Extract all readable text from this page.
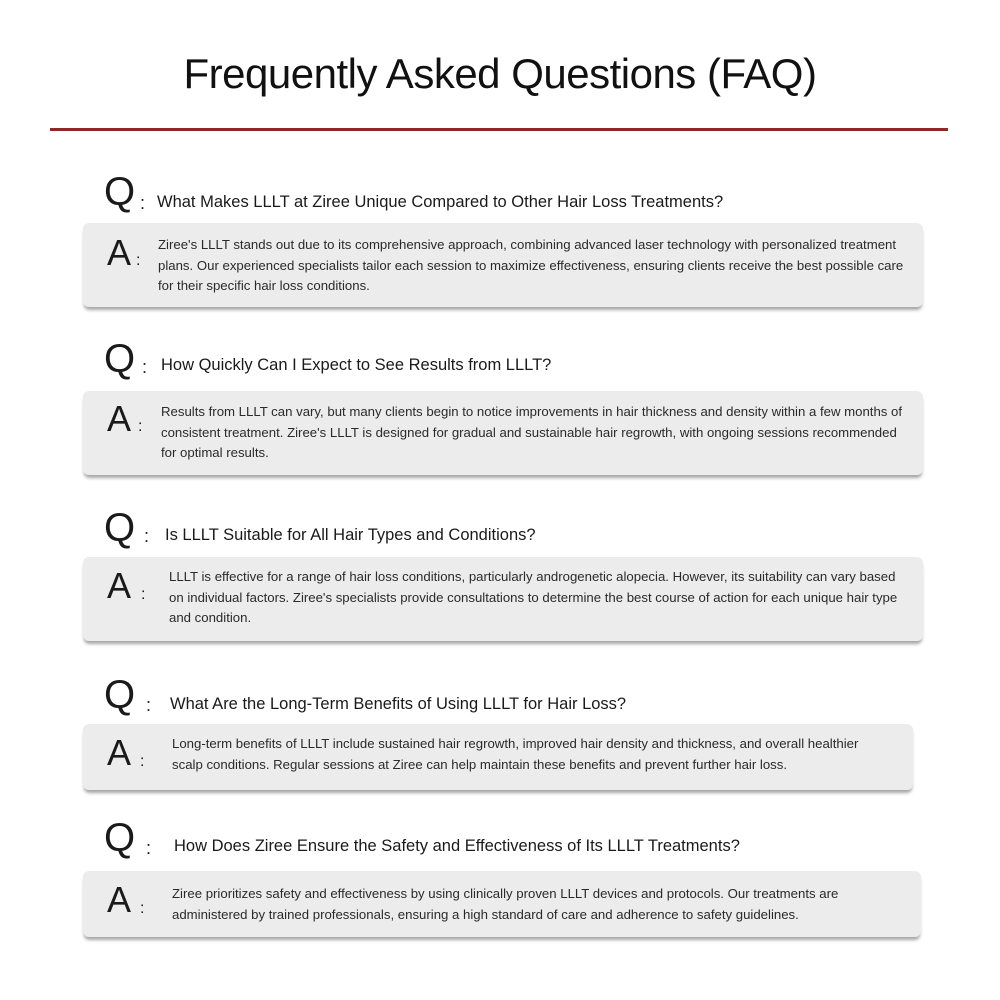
Frequently Asked Questions (FAQ)
Q : What Makes LLLT at Ziree Unique Compared to Other Hair Loss Treatments?
A :
Ziree's LLLT stands out due to its comprehensive approach, combining advanced laser technology with personalized treatment plans. Our experienced specialists tailor each session to maximize effectiveness, ensuring clients receive the best possible care for their specific hair loss conditions.
Q : How Quickly Can I Expect to See Results from LLLT?
A :
Results from LLLT can vary, but many clients begin to notice improvements in hair thickness and density within a few months of consistent treatment. Ziree's LLLT is designed for gradual and sustainable hair regrowth, with ongoing sessions recommended for optimal results.
Q : Is LLLT Suitable for All Hair Types and Conditions?
A :
LLLT is effective for a range of hair loss conditions, particularly androgenetic alopecia. However, its suitability can vary based on individual factors. Ziree's specialists provide consultations to determine the best course of action for each unique hair type and condition.
Q : What Are the Long-Term Benefits of Using LLLT for Hair Loss?
A :
Long-term benefits of LLLT include sustained hair regrowth, improved hair density and thickness, and overall healthier scalp conditions. Regular sessions at Ziree can help maintain these benefits and prevent further hair loss.
Q : How Does Ziree Ensure the Safety and Effectiveness of Its LLLT Treatments?
A :
Ziree prioritizes safety and effectiveness by using clinically proven LLLT devices and protocols. Our treatments are administered by trained professionals, ensuring a high standard of care and adherence to safety guidelines.
